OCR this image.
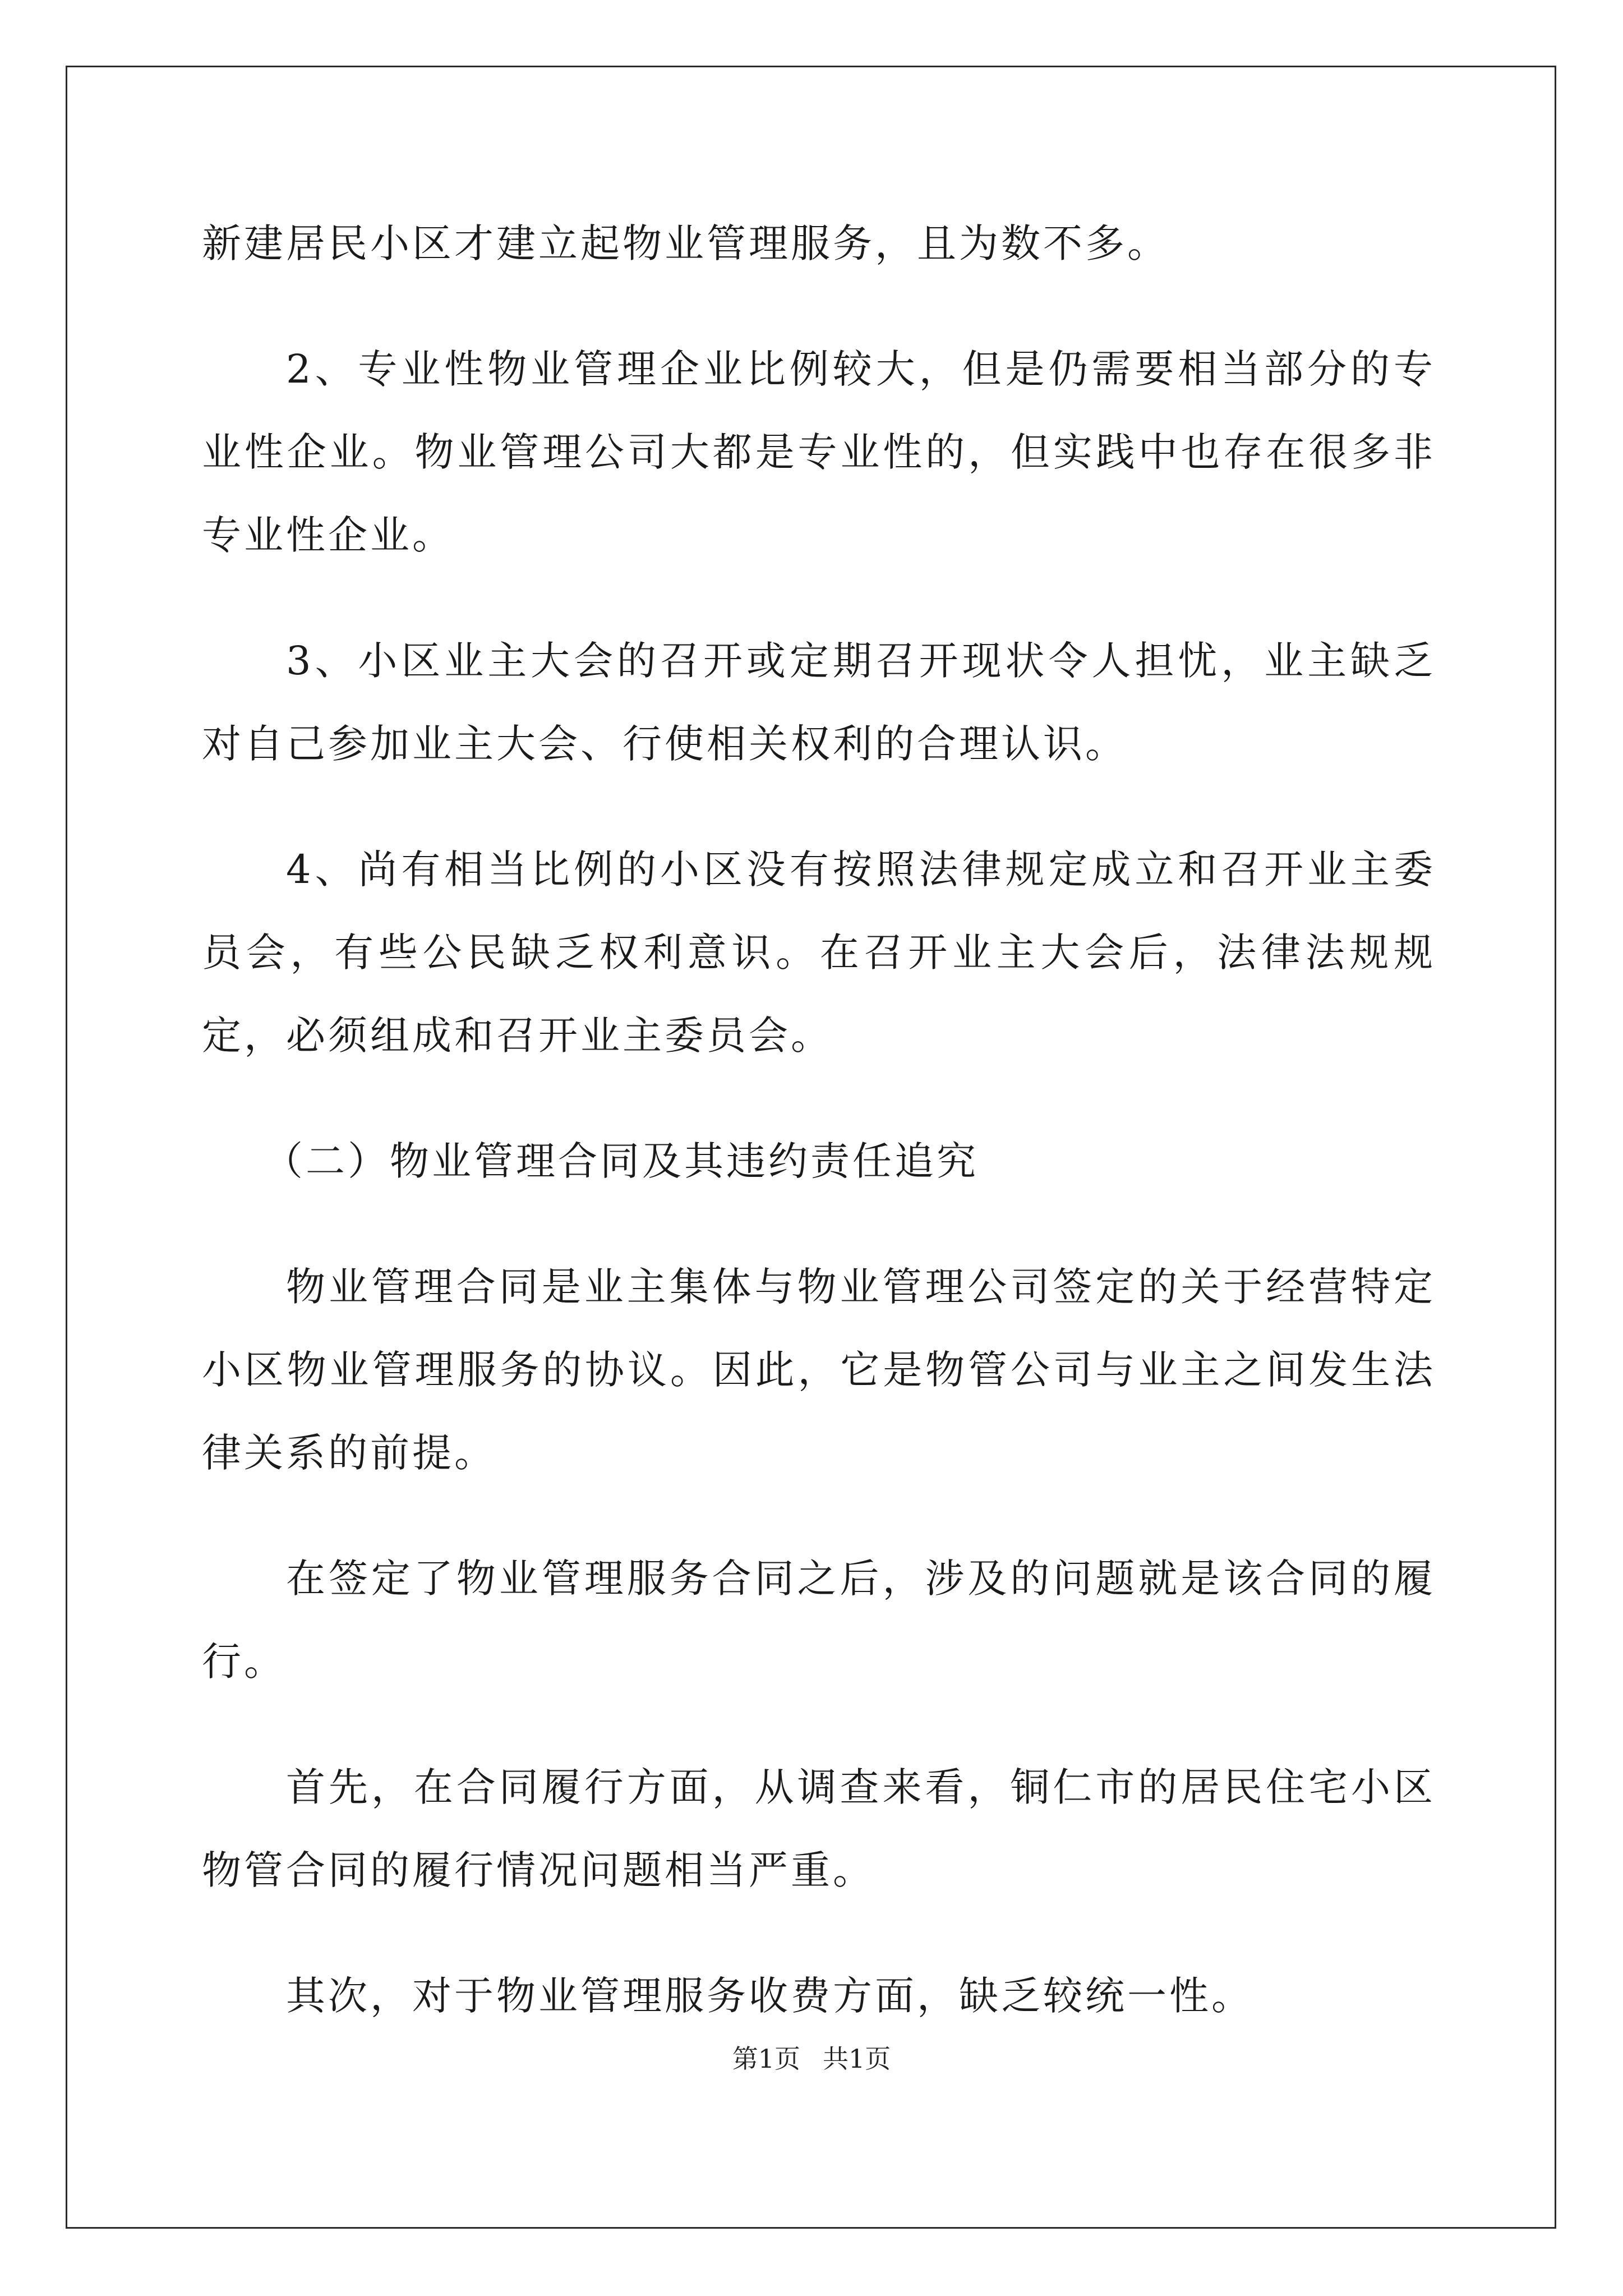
新建居民小区才建立起物业管理服务，且为数不多。

2、专业性物业管理企业比例较大，但是仍需要相当部分的专业性企业。物业管理公司大都是专业性的，但实践中也存在很多非专业性企业。

3、小区业主大会的召开或定期召开现状令人担忧，业主缺乏对自己参加业主大会、行使相关权利的合理认识。

4、尚有相当比例的小区没有按照法律规定成立和召开业主委员会，有些公民缺乏权利意识。在召开业主大会后，法律法规规定，必须组成和召开业主委员会。

（二）物业管理合同及其违约责任追究

物业管理合同是业主集体与物业管理公司签定的关于经营特定小区物业管理服务的协议。因此，它是物管公司与业主之间发生法律关系的前提。

在签定了物业管理服务合同之后，涉及的问题就是该合同的履行。

首先，在合同履行方面，从调查来看，铜仁市的居民住宅小区物管合同的履行情况问题相当严重。

其次，对于物业管理服务收费方面，缺乏较统一性。

第1页 共1页
